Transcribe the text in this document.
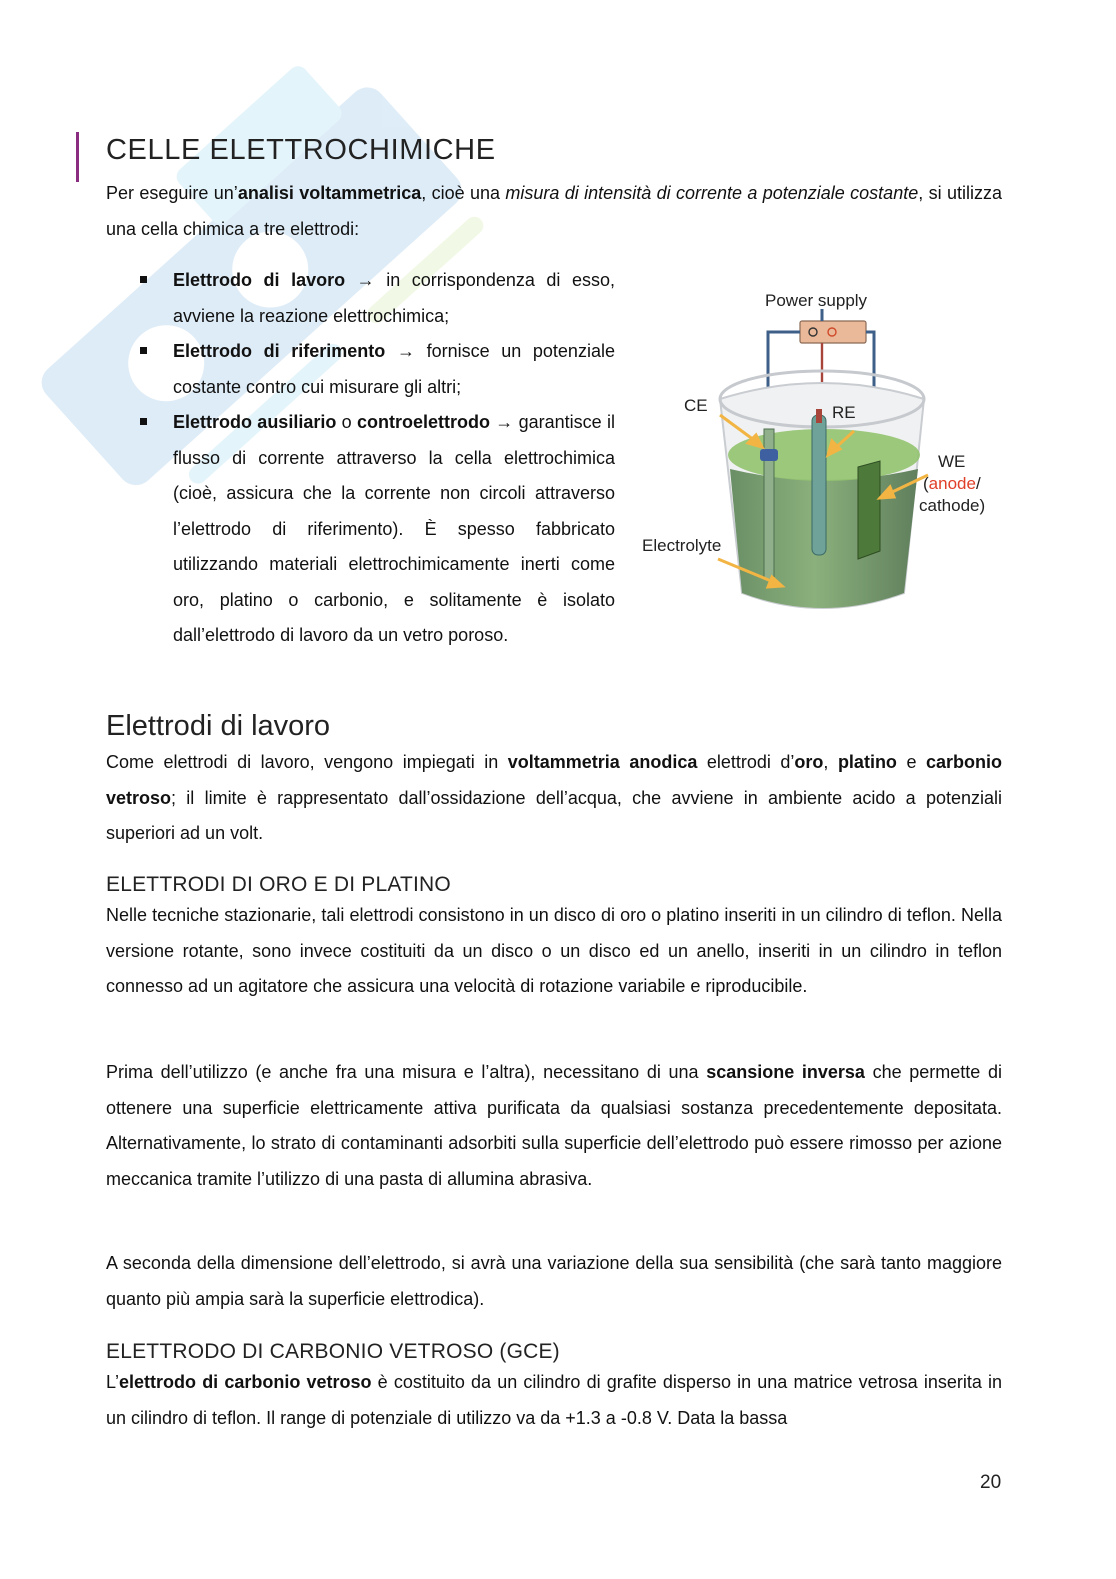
CELLE ELETTROCHIMICHE
Per eseguire un’analisi voltammetrica, cioè una misura di intensità di corrente a potenziale costante, si utilizza una cella chimica a tre elettrodi:
Elettrodo di lavoro → in corrispondenza di esso, avviene la reazione elettrochimica;
Elettrodo di riferimento → fornisce un potenziale costante contro cui misurare gli altri;
Elettrodo ausiliario o controelettrodo → garantisce il flusso di corrente attraverso la cella elettrochimica (cioè, assicura che la corrente non circoli attraverso l’elettrodo di riferimento). È spesso fabbricato utilizzando materiali elettrochimicamente inerti come oro, platino o carbonio, e solitamente è isolato dall’elettrodo di lavoro da un vetro poroso.
Power supply
CE	RE
WE
(anode/
cathode)
Electrolyte
Elettrodi di lavoro
Come elettrodi di lavoro, vengono impiegati in voltammetria anodica elettrodi d’oro, platino e carbonio vetroso; il limite è rappresentato dall’ossidazione dell’acqua, che avviene in ambiente acido a potenziali superiori ad un volt.
ELETTRODI DI ORO E DI PLATINO
Nelle tecniche stazionarie, tali elettrodi consistono in un disco di oro o platino inseriti in un cilindro di teflon. Nella versione rotante, sono invece costituiti da un disco o un disco ed un anello, inseriti in un cilindro in teflon connesso ad un agitatore che assicura una velocità di rotazione variabile e riproducibile.
Prima dell’utilizzo (e anche fra una misura e l’altra), necessitano di una scansione inversa che permette di ottenere una superficie elettricamente attiva purificata da qualsiasi sostanza precedentemente depositata. Alternativamente, lo strato di contaminanti adsorbiti sulla superficie dell’elettrodo può essere rimosso per azione meccanica tramite l’utilizzo di una pasta di allumina abrasiva.
A seconda della dimensione dell’elettrodo, si avrà una variazione della sua sensibilità (che sarà tanto maggiore quanto più ampia sarà la superficie elettrodica).
ELETTRODO DI CARBONIO VETROSO (GCE)
L’elettrodo di carbonio vetroso è costituito da un cilindro di grafite disperso in una matrice vetrosa inserita in un cilindro di teflon. Il range di potenziale di utilizzo va da +1.3 a -0.8 V. Data la bassa
20
